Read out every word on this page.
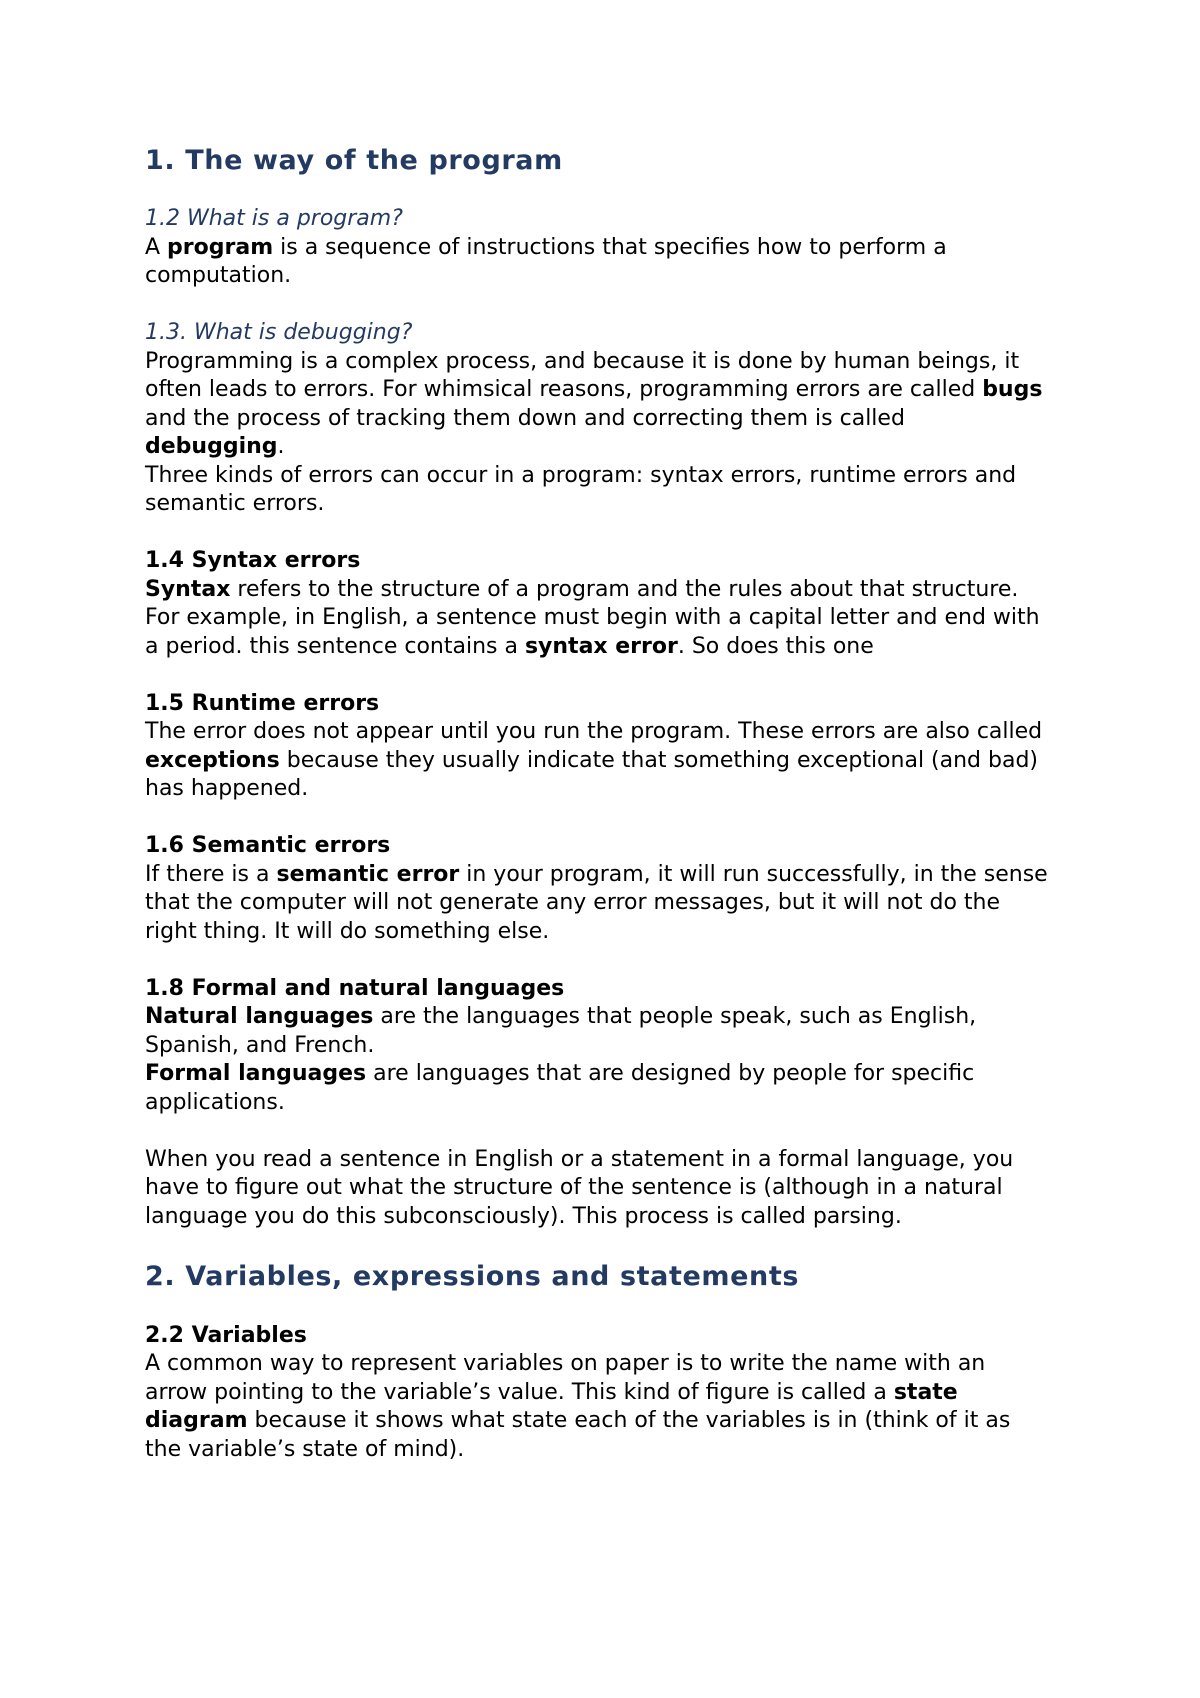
1. The way of the program

1.2 What is a program?

A program is a sequence of instructions that specifies how to perform a computation.

1.3. What is debugging?

Programming is a complex process, and because it is done by human beings, it often leads to errors. For whimsical reasons, programming errors are called bugs and the process of tracking them down and correcting them is called debugging.

Three kinds of errors can occur in a program: syntax errors, runtime errors and semantic errors.

1.4 Syntax errors

Syntax refers to the structure of a program and the rules about that structure. For example, in English, a sentence must begin with a capital letter and end with a period. this sentence contains a syntax error. So does this one

1.5 Runtime errors

The error does not appear until you run the program. These errors are also called exceptions because they usually indicate that something exceptional (and bad) has happened.

1.6 Semantic errors

If there is a semantic error in your program, it will run successfully, in the sense that the computer will not generate any error messages, but it will not do the right thing. It will do something else.

1.8 Formal and natural languages

Natural languages are the languages that people speak, such as English, Spanish, and French.

Formal languages are languages that are designed by people for specific applications.

When you read a sentence in English or a statement in a formal language, you have to figure out what the structure of the sentence is (although in a natural language you do this subconsciously). This process is called parsing.

2. Variables, expressions and statements

2.2 Variables

A common way to represent variables on paper is to write the name with an arrow pointing to the variable’s value. This kind of figure is called a state diagram because it shows what state each of the variables is in (think of it as the variable’s state of mind).
